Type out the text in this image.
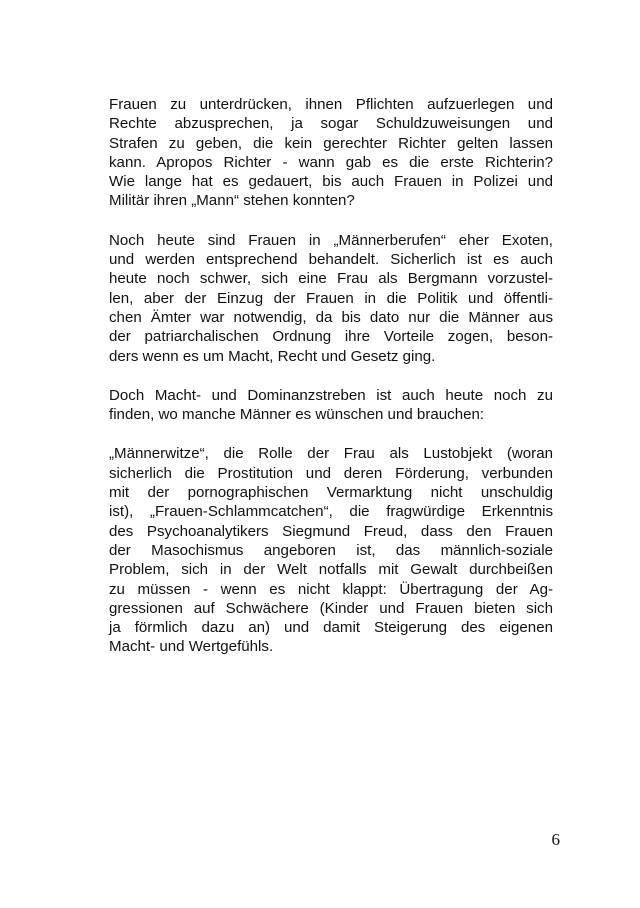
Frauen zu unterdrücken, ihnen Pflichten aufzuerlegen und
Rechte abzusprechen, ja sogar Schuldzuweisungen und
Strafen zu geben, die kein gerechter Richter gelten lassen
kann. Apropos Richter - wann gab es die erste Richterin?
Wie lange hat es gedauert, bis auch Frauen in Polizei und
Militär ihren „Mann“ stehen konnten?

Noch heute sind Frauen in „Männerberufen“ eher Exoten,
und werden entsprechend behandelt. Sicherlich ist es auch
heute noch schwer, sich eine Frau als Bergmann vorzustel-
len, aber der Einzug der Frauen in die Politik und öffentli-
chen Ämter war notwendig, da bis dato nur die Männer aus
der patriarchalischen Ordnung ihre Vorteile zogen, beson-
ders wenn es um Macht, Recht und Gesetz ging.

Doch Macht- und Dominanzstreben ist auch heute noch zu
finden, wo manche Männer es wünschen und brauchen:

„Männerwitze“, die Rolle der Frau als Lustobjekt (woran
sicherlich die Prostitution und deren Förderung, verbunden
mit der pornographischen Vermarktung nicht unschuldig
ist), „Frauen-Schlammcatchen“, die fragwürdige Erkenntnis
des Psychoanalytikers Siegmund Freud, dass den Frauen
der Masochismus angeboren ist, das männlich-soziale
Problem, sich in der Welt notfalls mit Gewalt durchbeißen
zu müssen - wenn es nicht klappt: Übertragung der Ag-
gressionen auf Schwächere (Kinder und Frauen bieten sich
ja förmlich dazu an) und damit Steigerung des eigenen
Macht- und Wertgefühls.

6
